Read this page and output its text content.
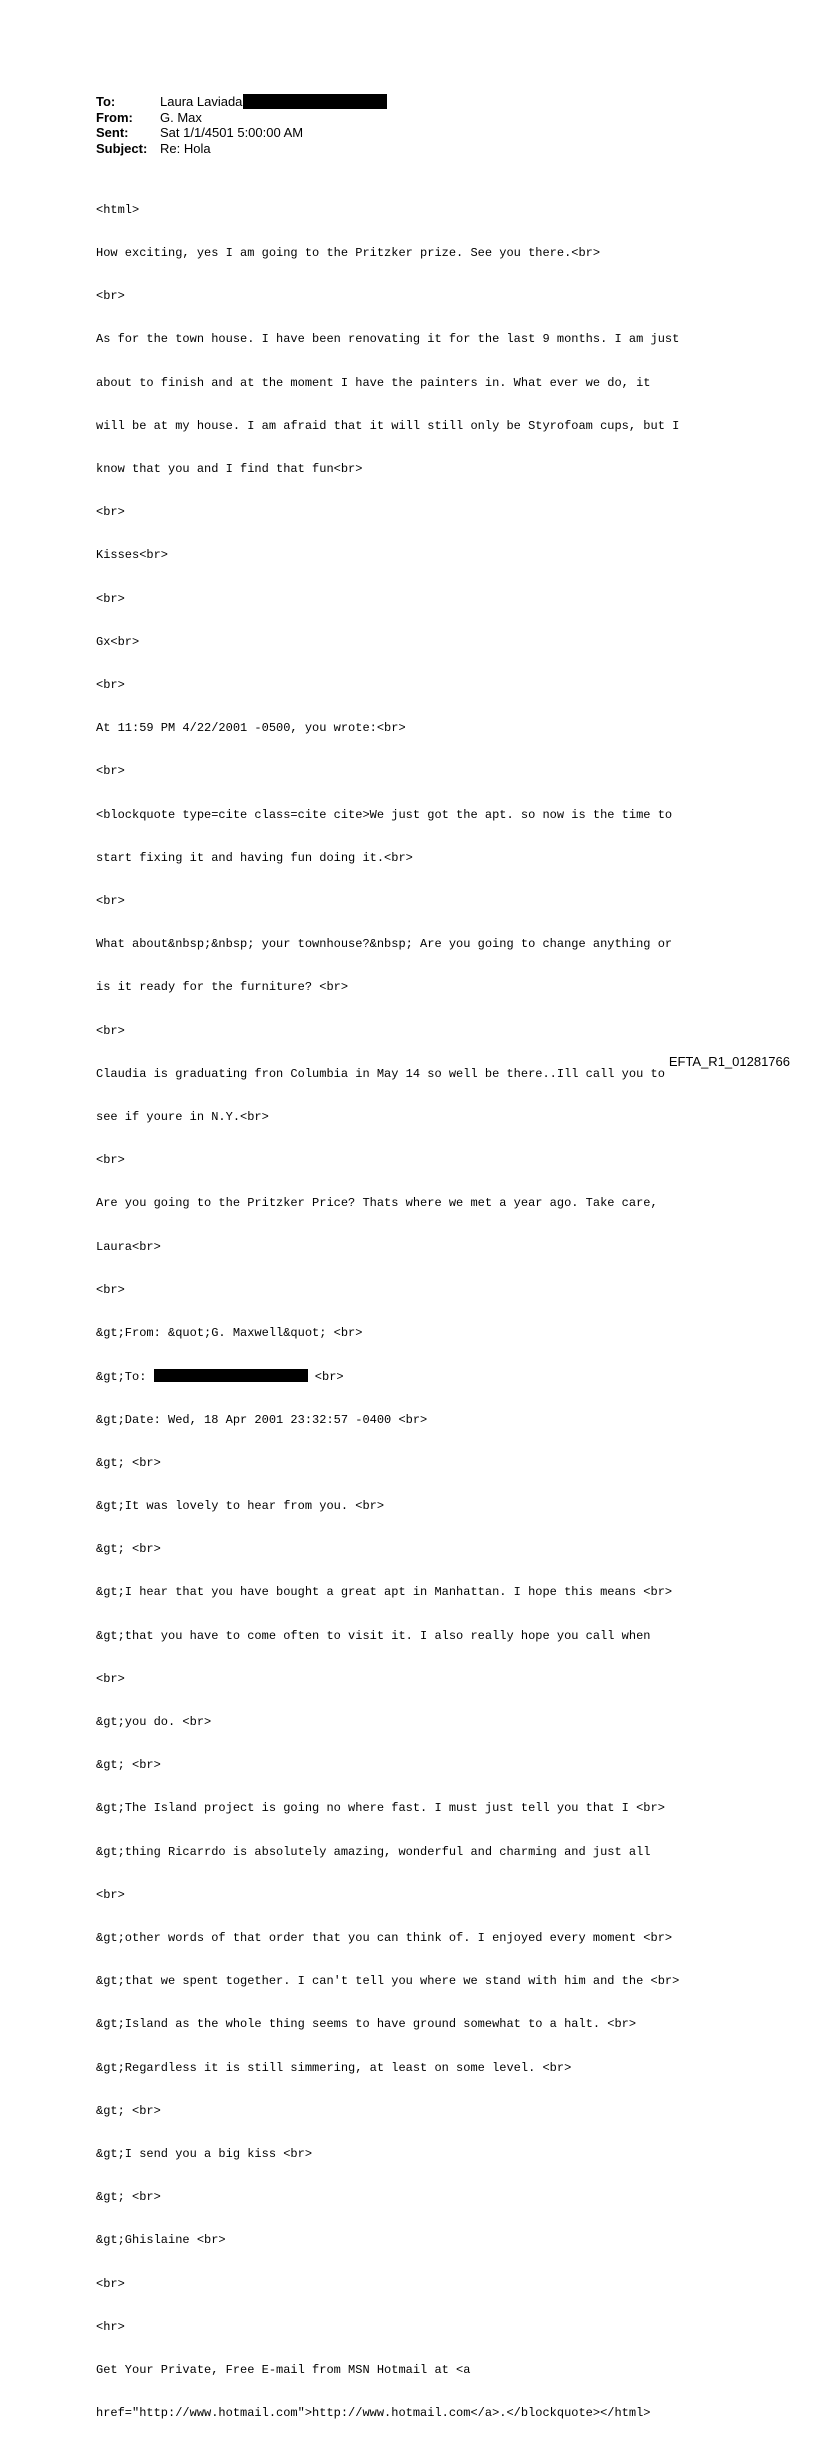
To:	Laura Laviada
From:	G. Max
Sent:	Sat 1/1/4501 5:00:00 AM
Subject: Re: Hola

<html>

How exciting, yes I am going to the Pritzker prize. See you there.<br>

<br>

As for the town house. I have been renovating it for the last 9 months. I am just

about to finish and at the moment I have the painters in. What ever we do, it

will be at my house. I am afraid that it will still only be Styrofoam cups, but I

know that you and I find that fun<br>

<br>

Kisses<br>

<br>

Gx<br>

<br>

At 11:59 PM 4/22/2001 -0500, you wrote:<br>

<br>

<blockquote type=cite class=cite cite>We just got the apt. so now is the time to

start fixing it and having fun doing it.<br>

<br>

What about&nbsp;&nbsp; your townhouse?&nbsp; Are you going to change anything or

is it ready for the furniture? <br>

<br>

Claudia is graduating fron Columbia in May 14 so well be there..Ill call you to

see if youre in N.Y.<br>

<br>

Are you going to the Pritzker Price? Thats where we met a year ago. Take care,

Laura<br>

<br>

&gt;From: &quot;G. Maxwell&quot; <br>

&gt;To:	<br>

&gt;Date: Wed, 18 Apr 2001 23:32:57 -0400 <br>

&gt; <br>

&gt;It was lovely to hear from you. <br>

&gt; <br>

&gt;I hear that you have bought a great apt in Manhattan. I hope this means <br>

&gt;that you have to come often to visit it. I also really hope you call when

<br>

&gt;you do. <br>

&gt; <br>

&gt;The Island project is going no where fast. I must just tell you that I <br>

&gt;thing Ricarrdo is absolutely amazing, wonderful and charming and just all

<br>

&gt;other words of that order that you can think of. I enjoyed every moment <br>

&gt;that we spent together. I can't tell you where we stand with him and the <br>

&gt;Island as the whole thing seems to have ground somewhat to a halt. <br>

&gt;Regardless it is still simmering, at least on some level. <br>

&gt; <br>

&gt;I send you a big kiss <br>

&gt; <br>

&gt;Ghislaine <br>

<br>

<hr>

Get Your Private, Free E-mail from MSN Hotmail at <a

href="http://www.hotmail.com">http://www.hotmail.com</a>.</blockquote></html>

EFTA_R1_01281766
